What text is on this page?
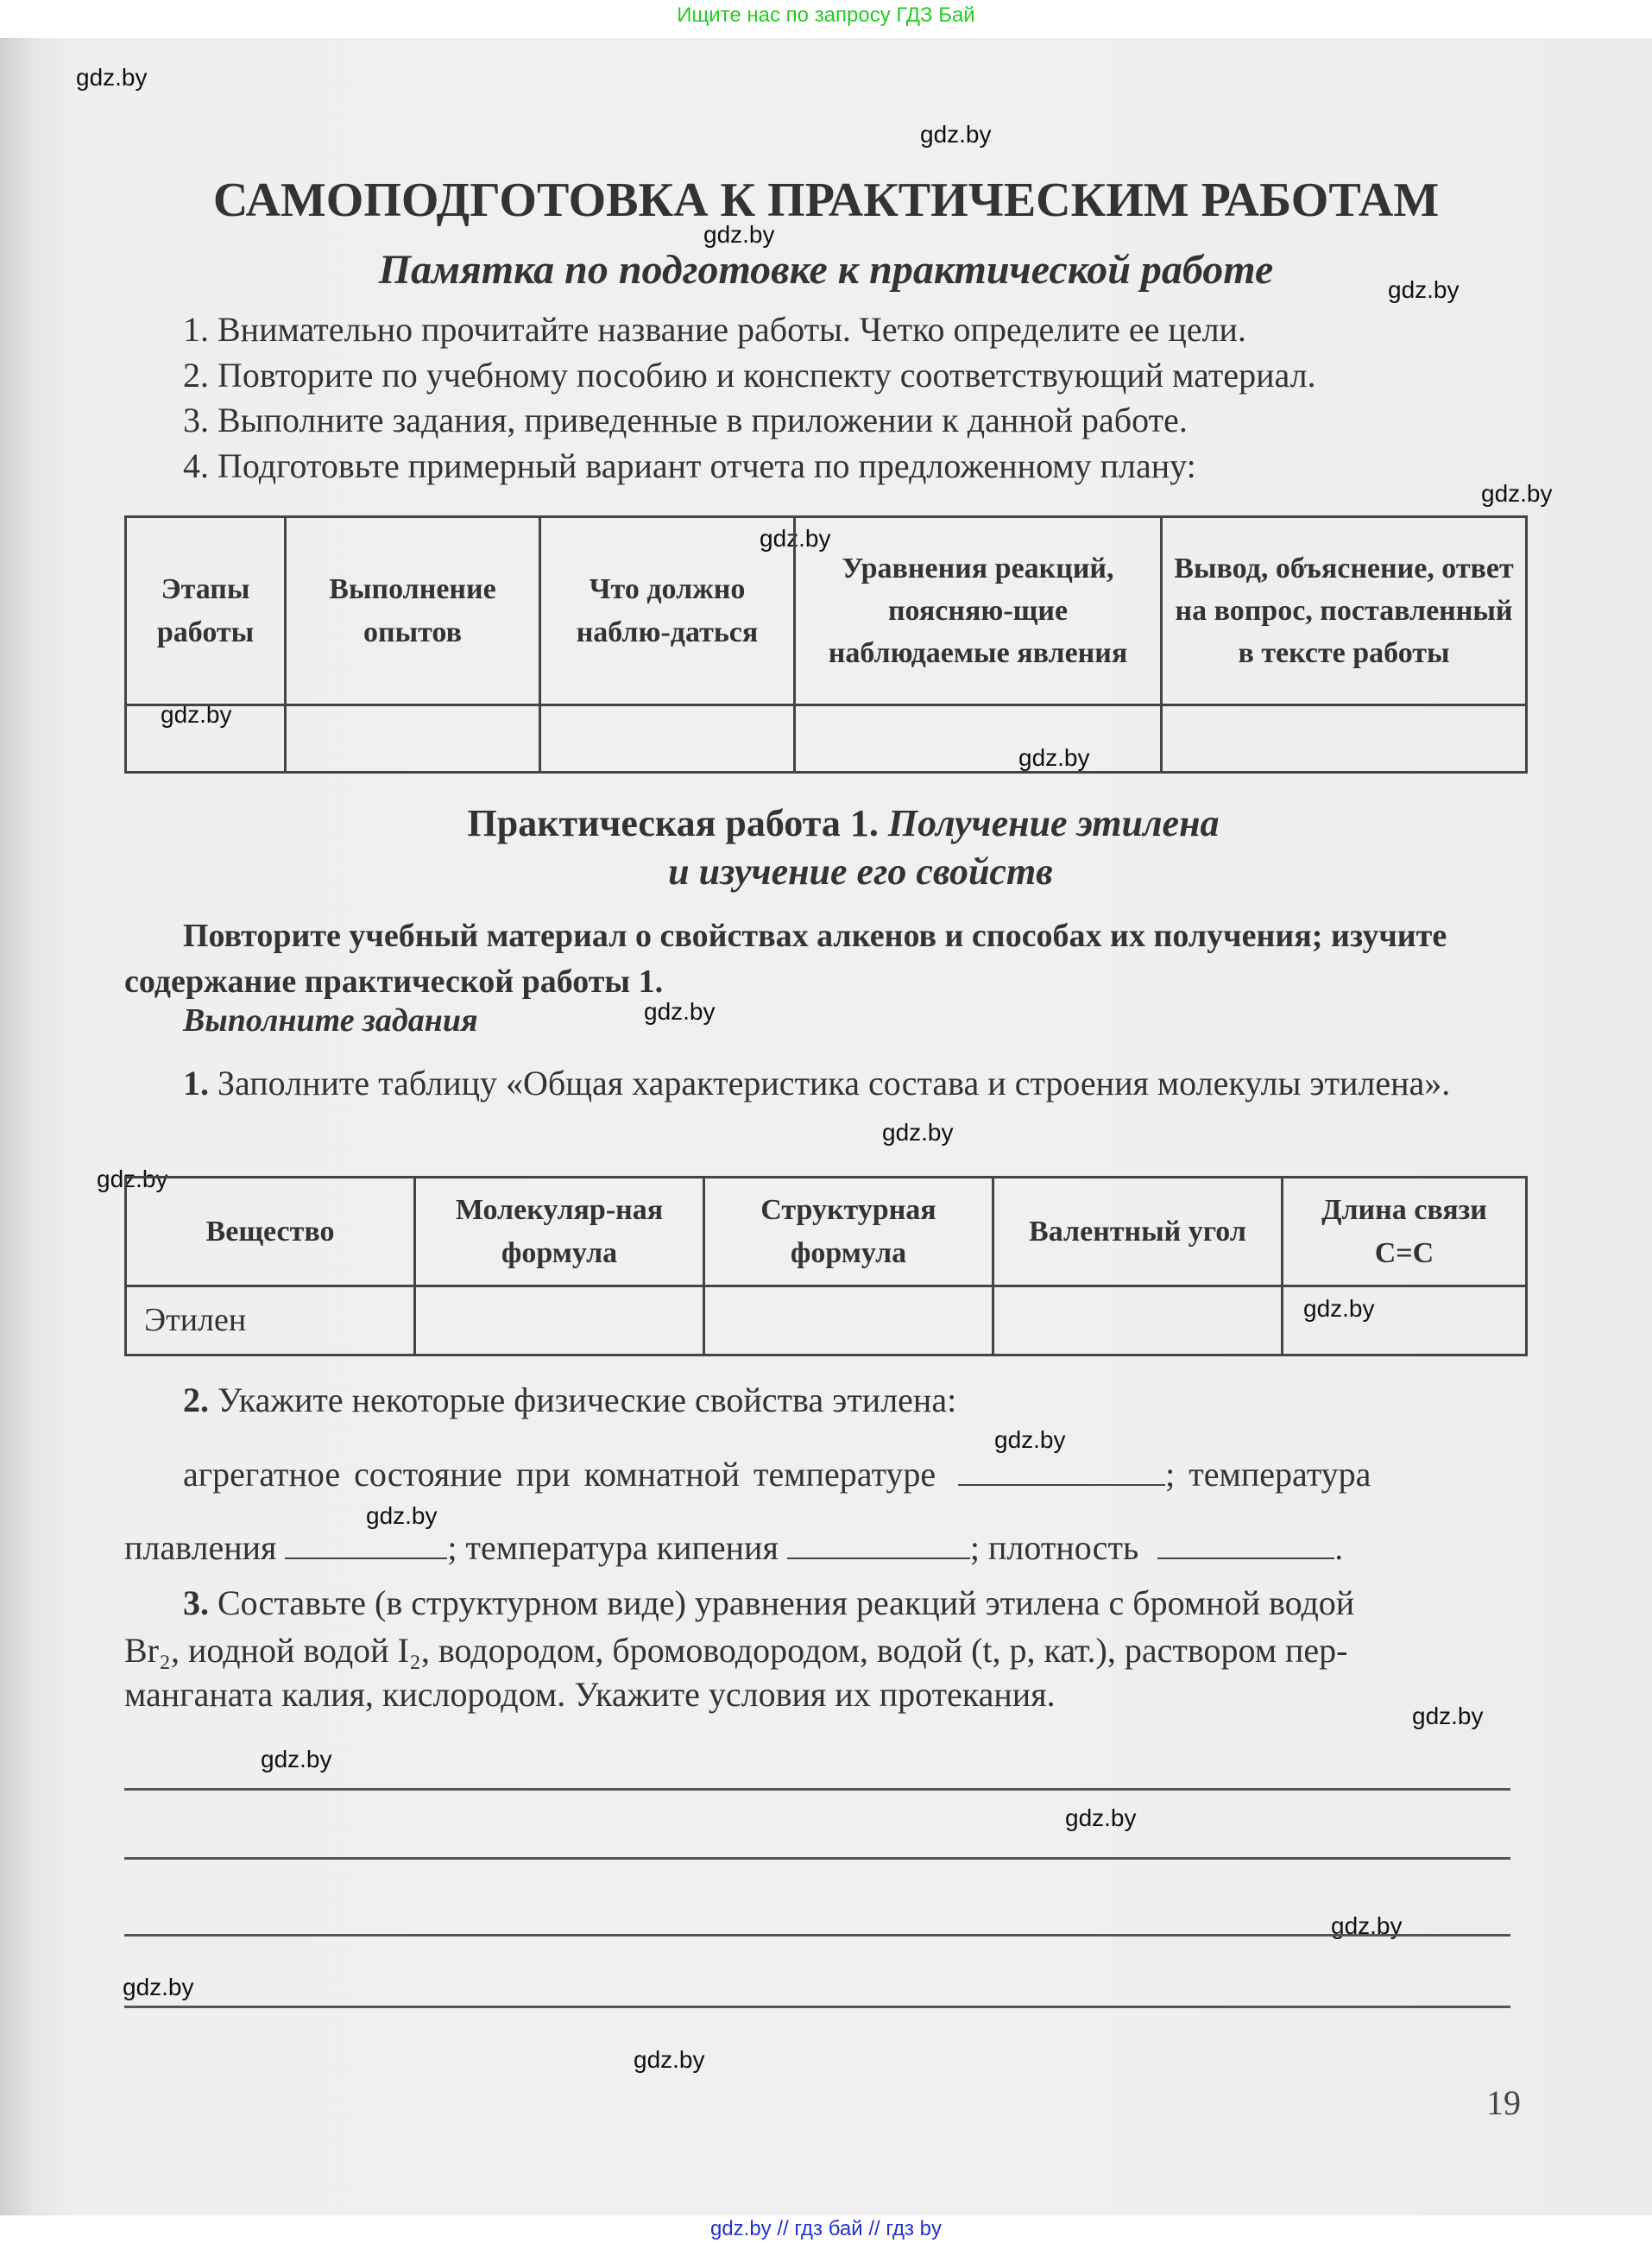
Ищите нас по запросу ГДЗ Бай
gdz.by
gdz.by
gdz.by
gdz.by
gdz.by
gdz.by
gdz.by
gdz.by
gdz.by
gdz.by
gdz.by
gdz.by
gdz.by
gdz.by
gdz.by
gdz.by
gdz.by
gdz.by
gdz.by
gdz.by
САМОПОДГОТОВКА К ПРАКТИЧЕСКИМ РАБОТАМ
Памятка по подготовке к практической работе
1. Внимательно прочитайте название работы. Четко определите ее цели.
2. Повторите по учебному пособию и конспекту соответствующий материал.
3. Выполните задания, приведенные в приложении к данной работе.
4. Подготовьте примерный вариант отчета по предложенному плану:
Этапы работы	Выполнение опытов	Что должно наблю-даться	Уравнения реакций, поясняю-щие наблюдаемые явления	Вывод, объяснение, ответ на вопрос, поставленный в тексте работы

Практическая работа 1. Получение этилена
и изучение его свойств
Повторите учебный материал о свойствах алкенов и способах их получения; изучите содержание практической работы 1.
Выполните задания
1. Заполните таблицу «Общая характеристика состава и строения молекулы этилена».
Вещество	Молекуляр-ная формула	Структурная формула	Валентный угол	Длина связи C=C
Этилен				
2. Укажите некоторые физические свойства этилена:
агрегатное состояние при комнатной температуре	; температура
плавления	; температура кипения	; плотность	.
3. Составьте (в структурном виде) уравнения реакций этилена с бромной водой
Br₂, иодной водой I₂, водородом, бромоводородом, водой (t, p, кат.), раствором пер-
манганата калия, кислородом. Укажите условия их протекания.
19
gdz.by // гдз бай // гдз by
